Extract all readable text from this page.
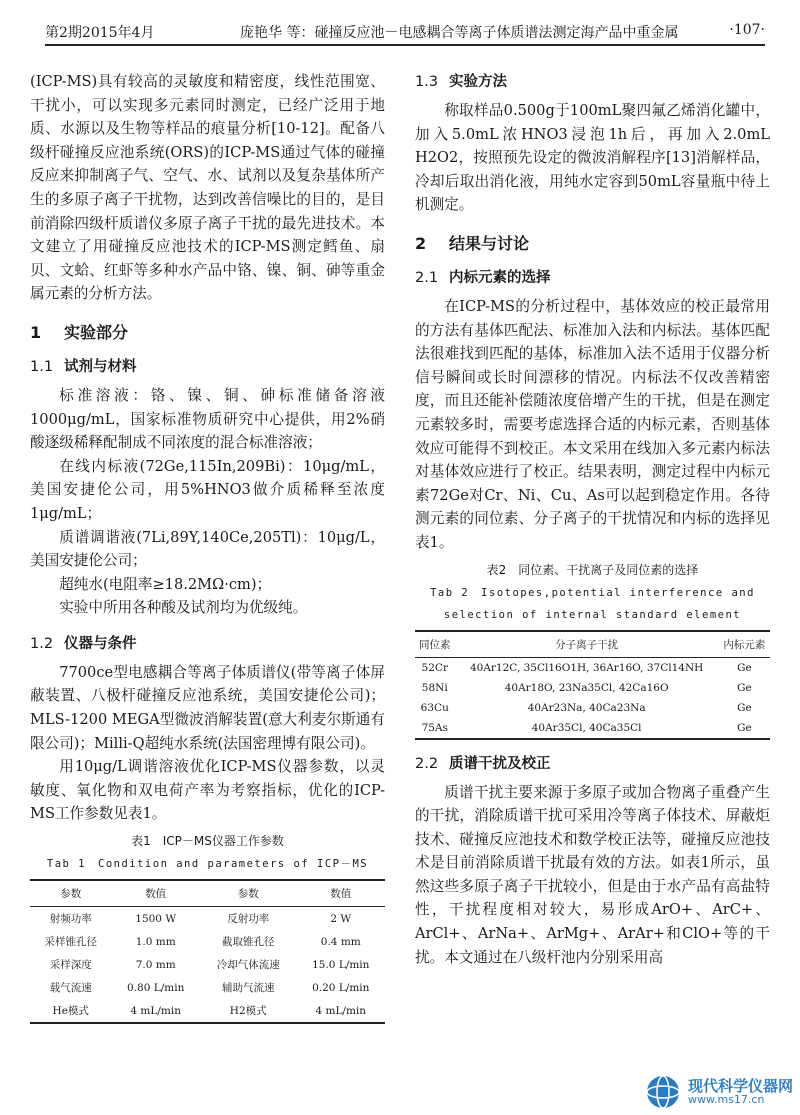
第2期2015年4月	庞艳华 等：碰撞反应池－电感耦合等离子体质谱法测定海产品中重金属	·107·

(ICP-MS)具有较高的灵敏度和精密度，线性范围宽、干扰小，可以实现多元素同时测定，已经广泛用于地质、水源以及生物等样品的痕量分析[10-12]。配备八级杆碰撞反应池系统(ORS)的ICP-MS通过气体的碰撞反应来抑制离子气、空气、水、试剂以及复杂基体所产生的多原子离子干扰物，达到改善信噪比的目的，是目前消除四级杆质谱仪多原子离子干扰的最先进技术。本文建立了用碰撞反应池技术的ICP-MS测定鳕鱼、扇贝、文蛤、红虾等多种水产品中铬、镍、铜、砷等重金属元素的分析方法。

1 实验部分
1.1 试剂与材料

标准溶液：铬、镍、铜、砷标准储备溶液1000μg/mL，国家标准物质研究中心提供，用2%硝酸逐级稀释配制成不同浓度的混合标准溶液；

在线内标液(72Ge,115In,209Bi)：10μg/mL，美国安捷伦公司，用5%HNO3做介质稀释至浓度1μg/mL；

质谱调谐液(7Li,89Y,140Ce,205Tl)：10μg/L，美国安捷伦公司；

超纯水(电阻率≥18.2MΩ·cm)；

实验中所用各种酸及试剂均为优级纯。

1.2 仪器与条件

7700ce型电感耦合等离子体质谱仪(带等离子体屏蔽装置、八极杆碰撞反应池系统，美国安捷伦公司)；MLS-1200 MEGA型微波消解装置(意大利麦尔斯通有限公司)；Milli-Q超纯水系统(法国密理博有限公司)。

用10μg/L调谐溶液优化ICP-MS仪器参数，以灵敏度、氧化物和双电荷产率为考察指标，优化的ICP-MS工作参数见表1。

表1　ICP－MS仪器工作参数
Tab 1　Condition and parameters of ICP－MS
参数	数值	参数	数值
射频功率	1500 W	反射功率	2 W
采样锥孔径	1.0 mm	截取锥孔径	0.4 mm
采样深度	7.0 mm	冷却气体流速	15.0 L/min
载气流速	0.80 L/min	辅助气流速	0.20 L/min
He模式	4 mL/min	H2模式	4 mL/min
1.3 实验方法

称取样品0.500g于100mL聚四氟乙烯消化罐中，加入5.0mL浓HNO3浸泡1h后，再加入2.0mL H2O2，按照预先设定的微波消解程序[13]消解样品，冷却后取出消化液，用纯水定容到50mL容量瓶中待上机测定。

2 结果与讨论
2.1 内标元素的选择

在ICP-MS的分析过程中，基体效应的校正最常用的方法有基体匹配法、标准加入法和内标法。基体匹配法很难找到匹配的基体，标准加入法不适用于仪器分析信号瞬间或长时间漂移的情况。内标法不仅改善精密度，而且还能补偿随浓度倍增产生的干扰，但是在测定元素较多时，需要考虑选择合适的内标元素，否则基体效应可能得不到校正。本文采用在线加入多元素内标法对基体效应进行了校正。结果表明，测定过程中内标元素72Ge对Cr、Ni、Cu、As可以起到稳定作用。各待测元素的同位素、分子离子的干扰情况和内标的选择见表1。

表2　同位素、干扰离子及同位素的选择
Tab 2　Isotopes,potential interference and selection of internal standard element
同位素	分子离子干扰	内标元素
52Cr	40Ar12C, 35Cl16O1H, 36Ar16O, 37Cl14NH	Ge
58Ni	40Ar18O, 23Na35Cl, 42Ca16O	Ge
63Cu	40Ar23Na, 40Ca23Na	Ge
75As	40Ar35Cl, 40Ca35Cl	Ge
2.2 质谱干扰及校正

质谱干扰主要来源于多原子或加合物离子重叠产生的干扰，消除质谱干扰可采用冷等离子体技术、屏蔽炬技术、碰撞反应池技术和数学校正法等，碰撞反应池技术是目前消除质谱干扰最有效的方法。如表1所示，虽然这些多原子离子干扰较小，但是由于水产品有高盐特性，干扰程度相对较大，易形成ArO+、ArC+、ArCl+、ArNa+、ArMg+、ArAr+和ClO+等的干扰。本文通过在八级杆池内分别采用高

现代科学仪器网
www.ms17.cn
